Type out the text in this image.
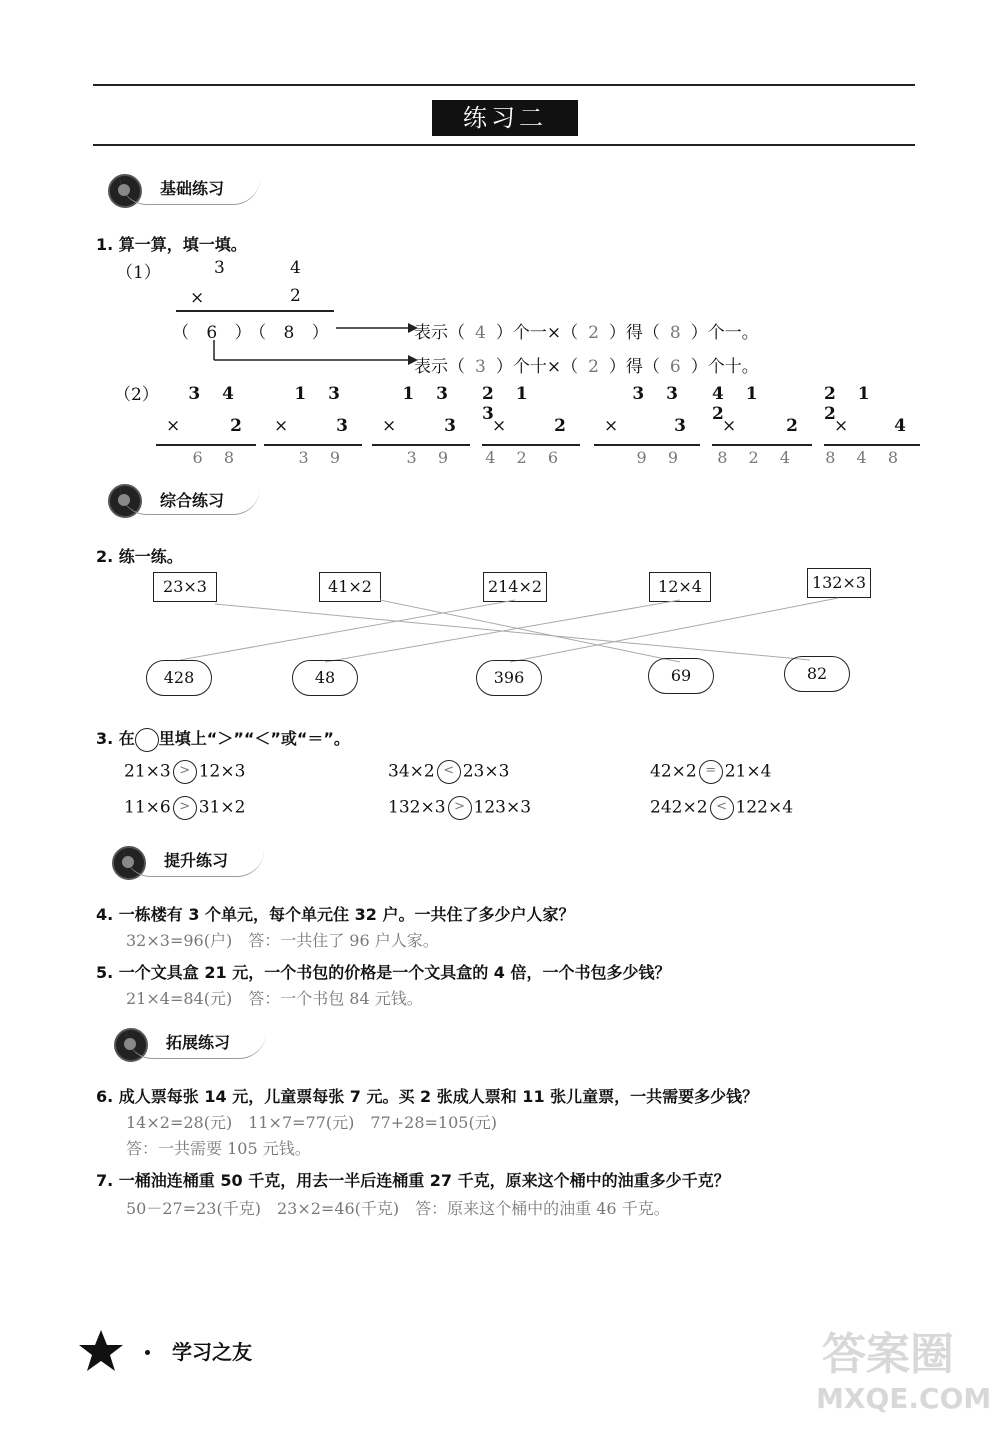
练习二
基础练习
1. 算一算，填一填。
（1）	3	4
×	2
（ 6 ）（ 8 ）	表示（ 4 ）个一×（ 2 ）得（ 8 ）个一。
表示（ 3 ）个十×（ 2 ）得（ 6 ）个十。
（2） 3 4
×	2
6 8
1 3
×	3
3 9
1 3
×	3
3 9
2 1 3
×	2
4 2 6
3 3
×	3
9 9
4 1 2
×	2
8 2 4
2 1 2
×	4
8 4 8
综合练习
2. 练一练。
23×3	41×2	214×2	12×4	132×3
428	48	396	69	82
3. 在 里填上“＞”“＜”或“＝”。
21×3 > 12×3	34×2 < 23×3	42×2 = 21×4
11×6 > 31×2	132×3 > 123×3	242×2 < 122×4
提升练习
4. 一栋楼有 3 个单元，每个单元住 32 户。一共住了多少户人家？
32×3=96(户)　答：一共住了 96 户人家。
5. 一个文具盒 21 元，一个书包的价格是一个文具盒的 4 倍，一个书包多少钱？
21×4=84(元)　答：一个书包 84 元钱。
拓展练习
6. 成人票每张 14 元，儿童票每张 7 元。买 2 张成人票和 11 张儿童票，一共需要多少钱？
14×2=28(元)　11×7=77(元)　77+28=105(元)
答：一共需要 105 元钱。
7. 一桶油连桶重 50 千克，用去一半后连桶重 27 千克，原来这个桶中的油重多少千克？
50－27=23(千克)　23×2=46(千克)　答：原来这个桶中的油重 46 千克。
学习之友	答案圈
MXQE.COM
